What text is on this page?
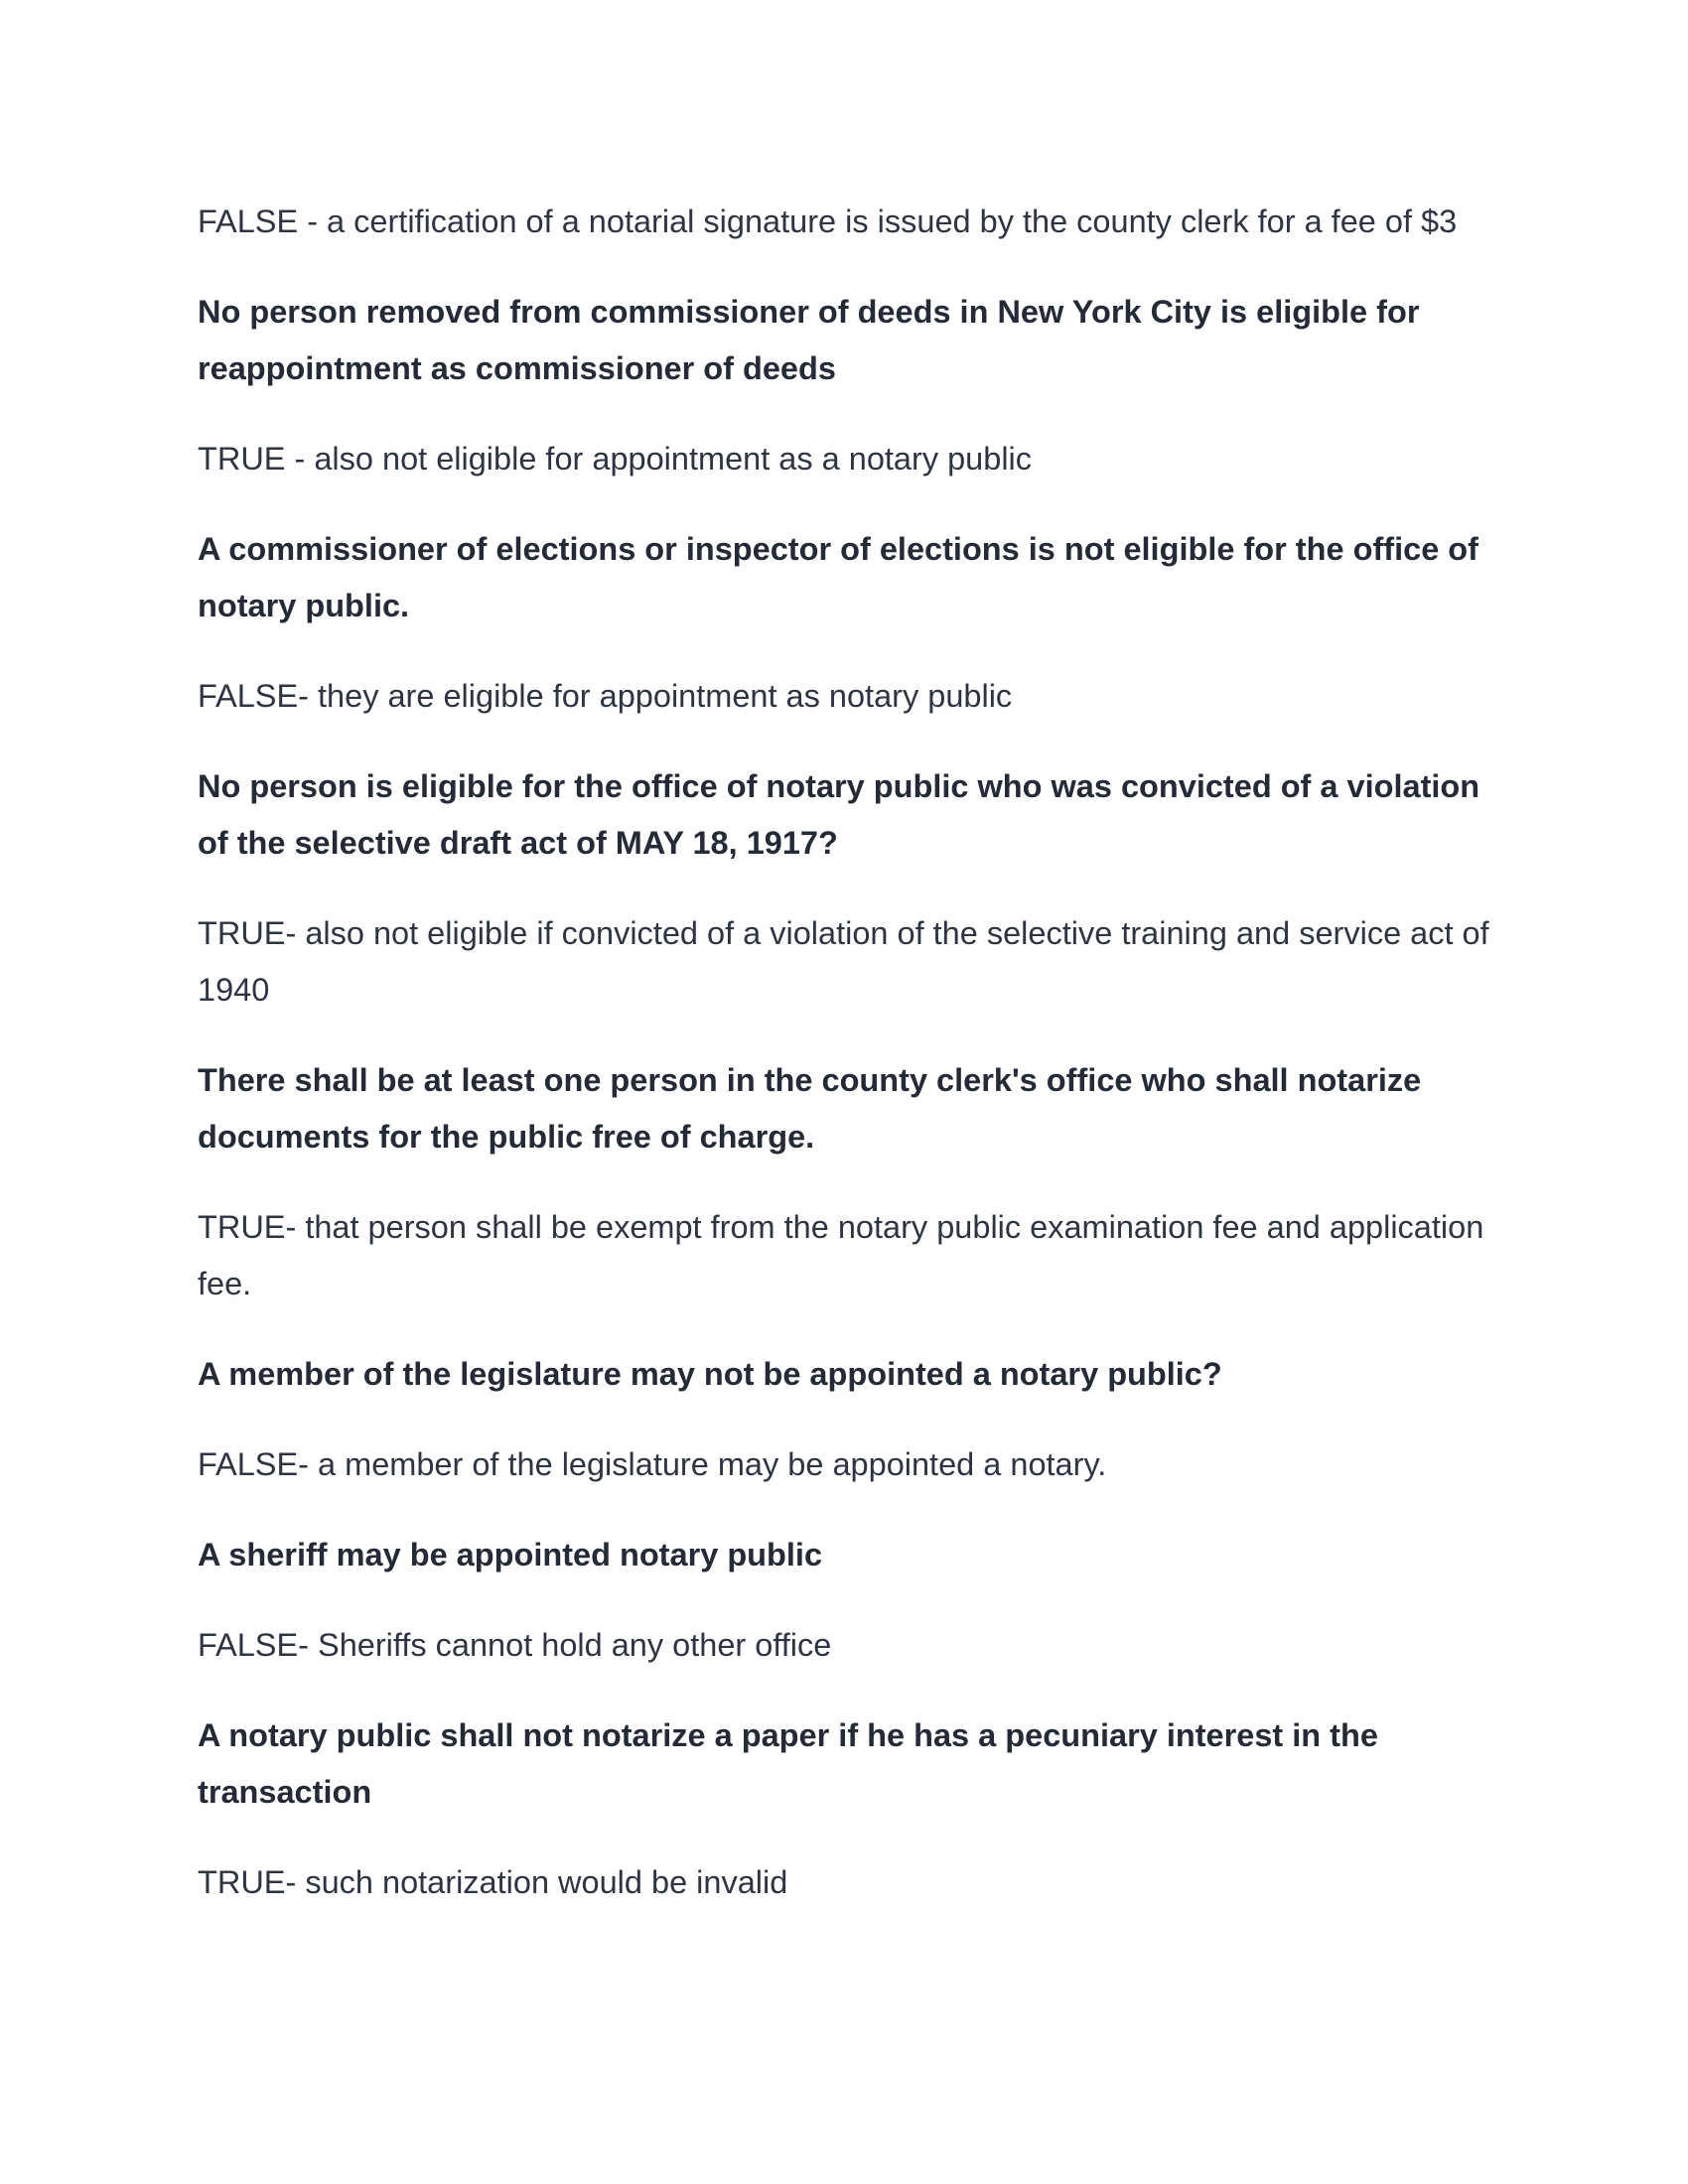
FALSE - a certification of a notarial signature is issued by the county clerk for a fee of $3

No person removed from commissioner of deeds in New York City is eligible for reappointment as commissioner of deeds

TRUE - also not eligible for appointment as a notary public

A commissioner of elections or inspector of elections is not eligible for the office of notary public.

FALSE- they are eligible for appointment as notary public

No person is eligible for the office of notary public who was convicted of a violation of the selective draft act of MAY 18, 1917?

TRUE- also not eligible if convicted of a violation of the selective training and service act of 1940

There shall be at least one person in the county clerk's office who shall notarize documents for the public free of charge.

TRUE- that person shall be exempt from the notary public examination fee and application fee.

A member of the legislature may not be appointed a notary public?

FALSE- a member of the legislature may be appointed a notary.

A sheriff may be appointed notary public

FALSE- Sheriffs cannot hold any other office

A notary public shall not notarize a paper if he has a pecuniary interest in the transaction

TRUE- such notarization would be invalid
